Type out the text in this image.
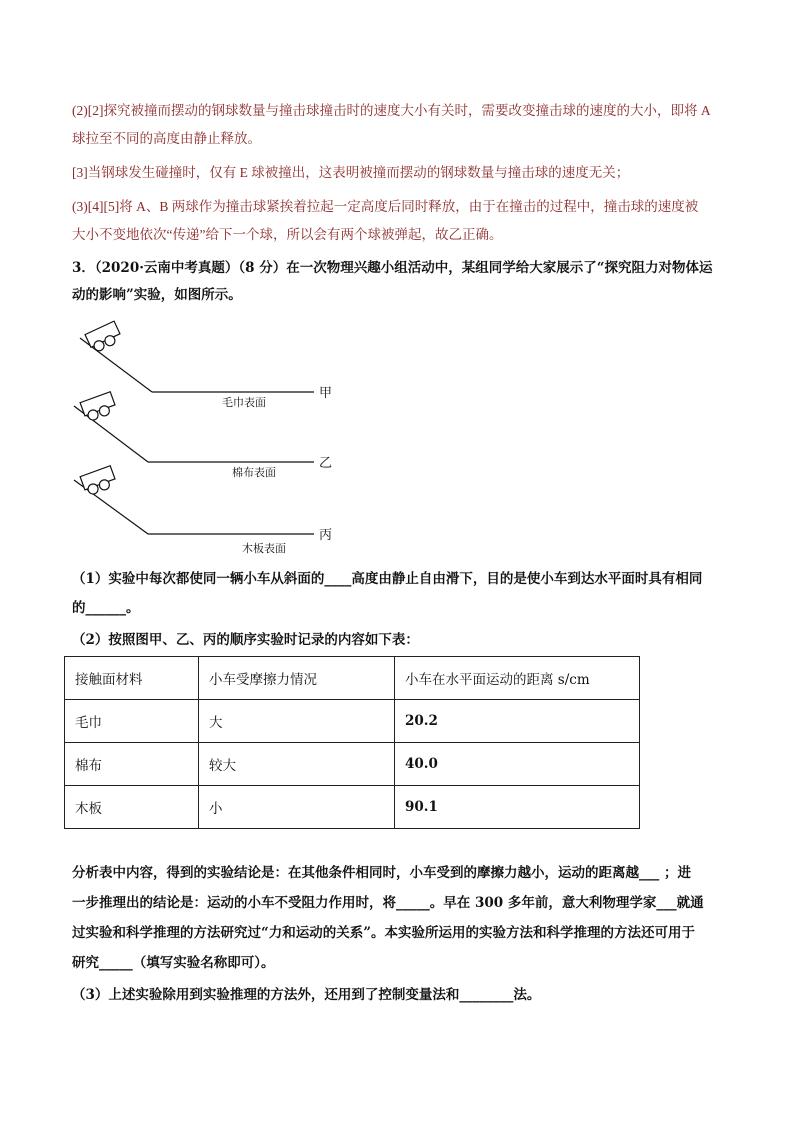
(2)[2]探究被撞而摆动的钢球数量与撞击球撞击时的速度大小有关时，需要改变撞击球的速度的大小，即将 A
球拉至不同的高度由静止释放。
[3]当钢球发生碰撞时，仅有 E 球被撞出，这表明被撞而摆动的钢球数量与撞击球的速度无关；
(3)[4][5]将 A、B 两球作为撞击球紧挨着拉起一定高度后同时释放，由于在撞击的过程中，撞击球的速度被
大小不变地依次“传递”给下一个球，所以会有两个球被弹起，故乙正确。
3．（2020·云南中考真题）（8 分）在一次物理兴趣小组活动中，某组同学给大家展示了“探究阻力对物体运
动的影响”实验，如图所示。
毛巾表面
甲
棉布表面
乙
木板表面
丙
（1）实验中每次都使同一辆小车从斜面的____高度由静止自由滑下，目的是使小车到达水平面时具有相同
的______。
（2）按照图甲、乙、丙的顺序实验时记录的内容如下表：
接触面材料	小车受摩擦力情况	小车在水平面运动的距离 s/cm
毛巾	大	20.2
棉布	较大	40.0
木板	小	90.1
分析表中内容，得到的实验结论是：在其他条件相同时，小车受到的摩擦力越小，运动的距离越___ ；进
一步推理出的结论是：运动的小车不受阻力作用时，将_____。早在 300 多年前，意大利物理学家___就通
过实验和科学推理的方法研究过“力和运动的关系”。本实验所运用的实验方法和科学推理的方法还可用于
研究_____（填写实验名称即可）。
（3）上述实验除用到实验推理的方法外，还用到了控制变量法和________法。
